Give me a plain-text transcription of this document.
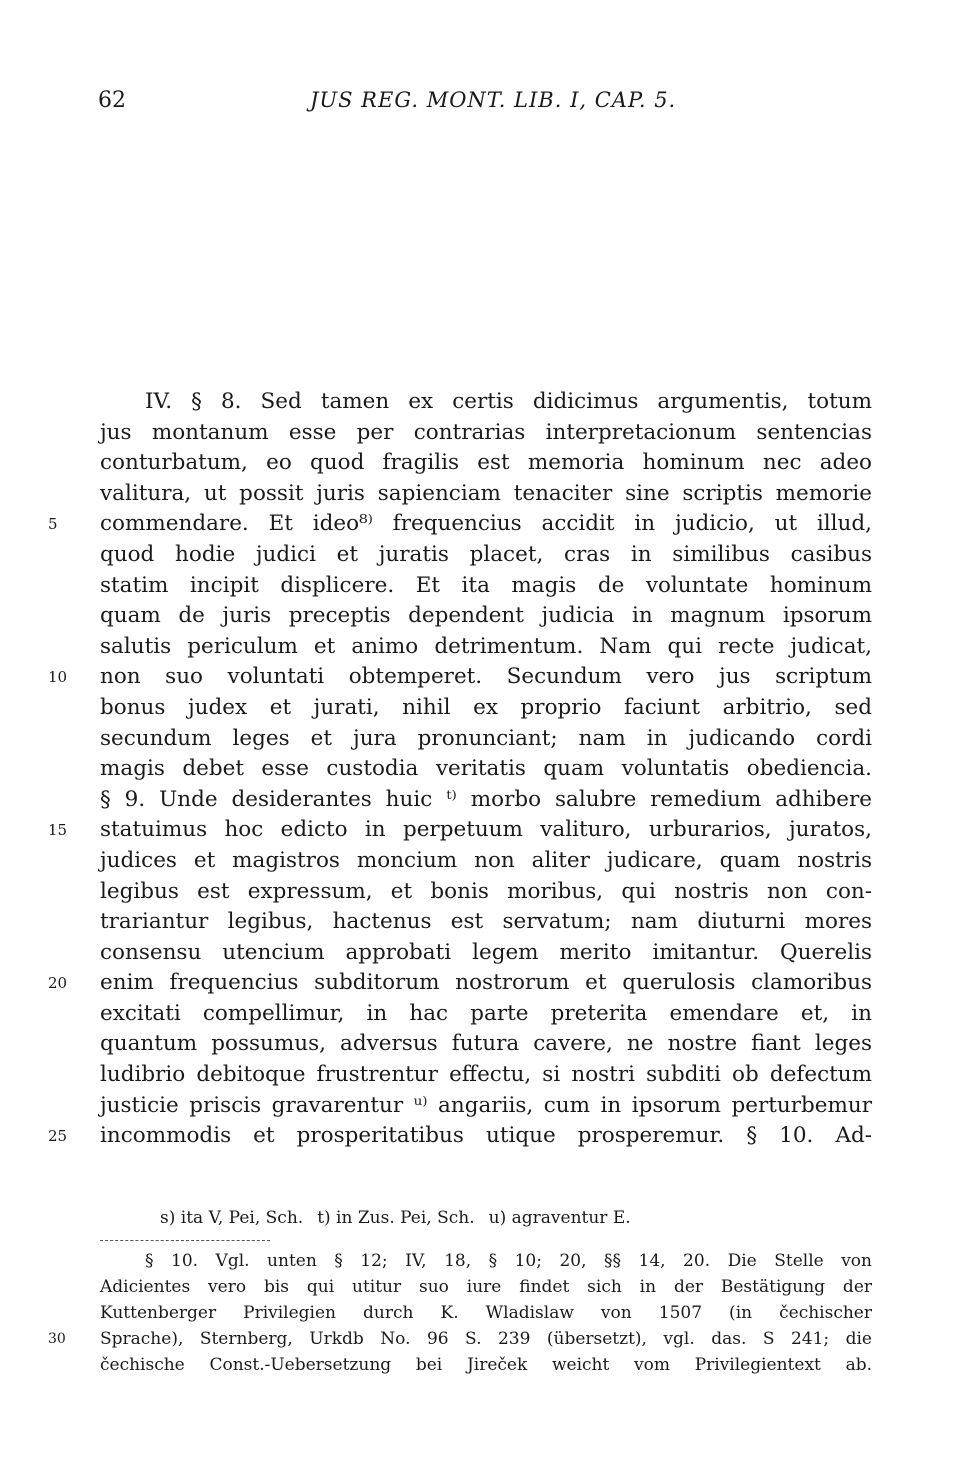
62	JUS REG. MONT. LIB. I, CAP. 5.
IV. § 8. Sed tamen ex certis didicimus argumentis, totum
jus montanum esse per contrarias interpretacionum sentencias
conturbatum, eo quod fragilis est memoria hominum nec adeo
valitura, ut possit juris sapienciam tenaciter sine scriptis memorie
5	commendare. Et ideo⁸⁾ frequencius accidit in judicio, ut illud,
quod hodie judici et juratis placet, cras in similibus casibus
statim incipit displicere. Et ita magis de voluntate hominum
quam de juris preceptis dependent judicia in magnum ipsorum
salutis periculum et animo detrimentum. Nam qui recte judicat,
10	non suo voluntati obtemperet. Secundum vero jus scriptum
bonus judex et jurati, nihil ex proprio faciunt arbitrio, sed
secundum leges et jura pronunciant; nam in judicando cordi
magis debet esse custodia veritatis quam voluntatis obediencia.
§ 9. Unde desiderantes huic ᵗ⁾ morbo salubre remedium adhibere
15	statuimus hoc edicto in perpetuum valituro, urburarios, juratos,
judices et magistros moncium non aliter judicare, quam nostris
legibus est expressum, et bonis moribus, qui nostris non con-
trariantur legibus, hactenus est servatum; nam diuturni mores
consensu utencium approbati legem merito imitantur. Querelis
20	enim frequencius subditorum nostrorum et querulosis clamoribus
excitati compellimur, in hac parte preterita emendare et, in
quantum possumus, adversus futura cavere, ne nostre fiant leges
ludibrio debitoque frustrentur effectu, si nostri subditi ob defectum
justicie priscis gravarentur ᵘ⁾ angariis, cum in ipsorum perturbemur
25	incommodis et prosperitatibus utique prosperemur. § 10. Ad-
s) ita V, Pei, Sch. t) in Zus. Pei, Sch. u) agraventur E.
§ 10. Vgl. unten § 12; IV, 18, § 10; 20, §§ 14, 20. Die Stelle von
Adicientes vero bis qui utitur suo iure findet sich in der Bestätigung der
Kuttenberger Privilegien durch K. Wladislaw von 1507 (in čechischer
30	Sprache), Sternberg, Urkdb No. 96 S. 239 (übersetzt), vgl. das. S 241; die
čechische Const.-Uebersetzung bei Jireček weicht vom Privilegientext ab.
